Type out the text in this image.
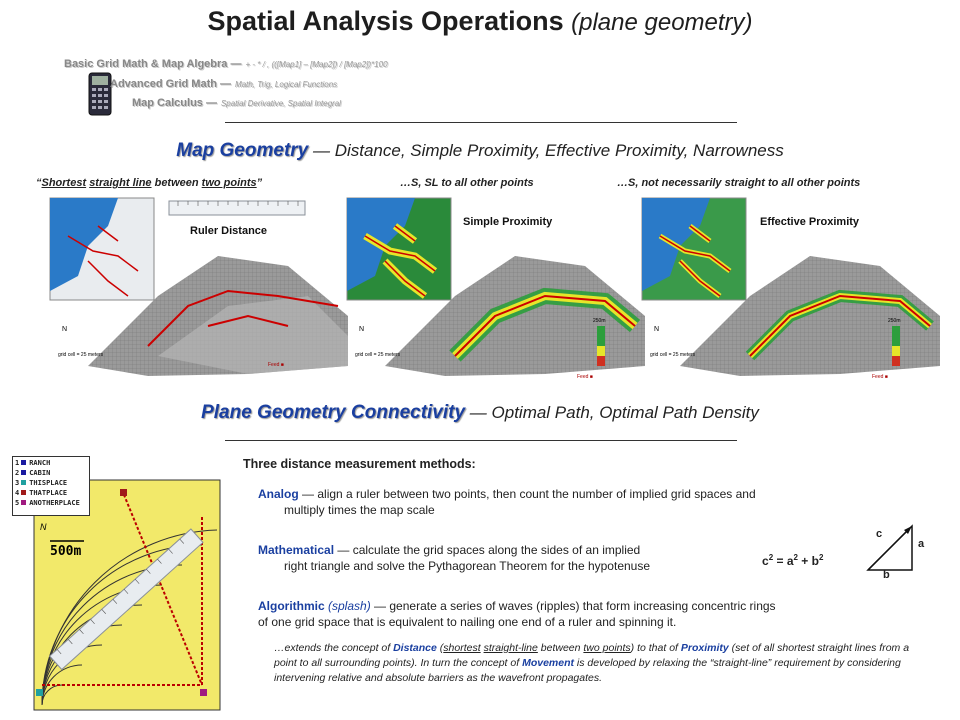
Spatial Analysis Operations (plane geometry)
Basic Grid Math & Map Algebra — + - * / , (([Map1] – [Map2]) / [Map2])*100
Advanced Grid Math — Math, Trig, Logical Functions
Map Calculus — Spatial Derivative, Spatial Integral
Map Geometry — Distance, Simple Proximity, Effective Proximity, Narrowness
“Shortest straight line between two points”	…S, SL to all other points	…S, not necessarily straight to all other points
N
grid cell = 25 meters
Feed ■
Ruler Distance
250m
N
grid cell = 25 meters
Feed ■
Simple Proximity
250m
N
grid cell = 25 meters
Feed ■
Effective Proximity
Plane Geometry Connectivity — Optimal Path, Optimal Path Density
N
500m
1 RANCH
2 CABIN
3 THISPLACE
4 THATPLACE
5 ANOTHERPLACE
Three distance measurement methods:
Analog — align a ruler between two points, then count the number of implied grid spaces and
multiply times the map scale
Mathematical — calculate the grid spaces along the sides of an implied
right triangle and solve the Pythagorean Theorem for the hypotenuse	$c^2 = a^2 + b^2$
c
a
b
Algorithmic (splash) — generate a series of waves (ripples) that form increasing concentric rings
of one grid space that is equivalent to nailing one end of a ruler and spinning it.
…extends the concept of Distance (shortest straight-line between two points) to that of Proximity (set of all shortest straight lines from a point to all surrounding points). In turn the concept of Movement is developed by relaxing the “straight-line” requirement by considering intervening relative and absolute barriers as the wavefront propagates.
